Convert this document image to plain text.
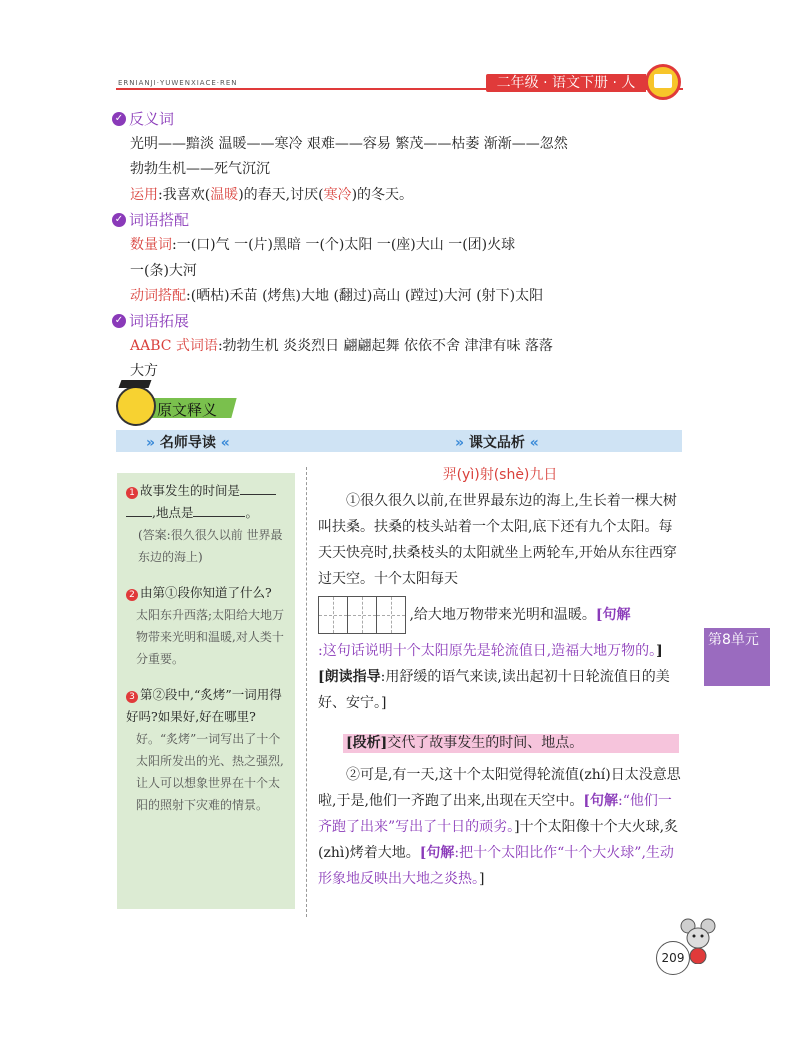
ERNIANJI·YUWENXIACE·REN	二年级 · 语文下册 · 人
✓ 反义词
光明——黯淡 温暖——寒冷 艰难——容易 繁茂——枯萎 渐渐——忽然
勃勃生机——死气沉沉
运用:我喜欢(温暖)的春天,讨厌(寒冷)的冬天。
✓ 词语搭配
数量词:一(口)气 一(片)黑暗 一(个)太阳 一(座)大山 一(团)火球
一(条)大河
动词搭配:(晒枯)禾苗 (烤焦)大地 (翻过)高山 (蹚过)大河 (射下)太阳
✓ 词语拓展
AABC 式词语:勃勃生机 炎炎烈日 翩翩起舞 依依不舍 津津有味 落落
大方
原文释义
» 名师导读 «	» 课文品析 «
1 故事发生的时间是
,地点是	。
(答案:很久很久以前 世界最东边的海上)
2 由第①段你知道了什么?
太阳东升西落;太阳给大地万物带来光明和温暖,对人类十分重要。
3 第②段中,“炙烤”一词用得好吗?如果好,好在哪里?
好。“炙烤”一词写出了十个太阳所发出的光、热之强烈,让人可以想象世界在十个太阳的照射下灾难的情景。
羿(yì)射(shè)九日
①很久很久以前,在世界最东边的海上,生长着一棵大树叫扶桑。扶桑的枝头站着一个太阳,底下还有九个太阳。每天天快亮时,扶桑枝头的太阳就坐上两轮车,开始从东往西穿过天空。十个太阳每天
,给大地万物带来光明和温暖。[句解
:这句话说明十个太阳原先是轮流值日,造福大地万物的。][朗读指导:用舒缓的语气来读,读出起初十日轮流值日的美好、安宁。]
[段析]交代了故事发生的时间、地点。
②可是,有一天,这十个太阳觉得轮流值(zhí)日太没意思啦,于是,他们一齐跑了出来,出现在天空中。[句解:“他们一齐跑了出来”写出了十日的顽劣。]十个太阳像十个大火球,炙(zhì)烤着大地。[句解:把十个太阳比作“十个大火球”,生动形象地反映出大地之炎热。]
第8单元
209
